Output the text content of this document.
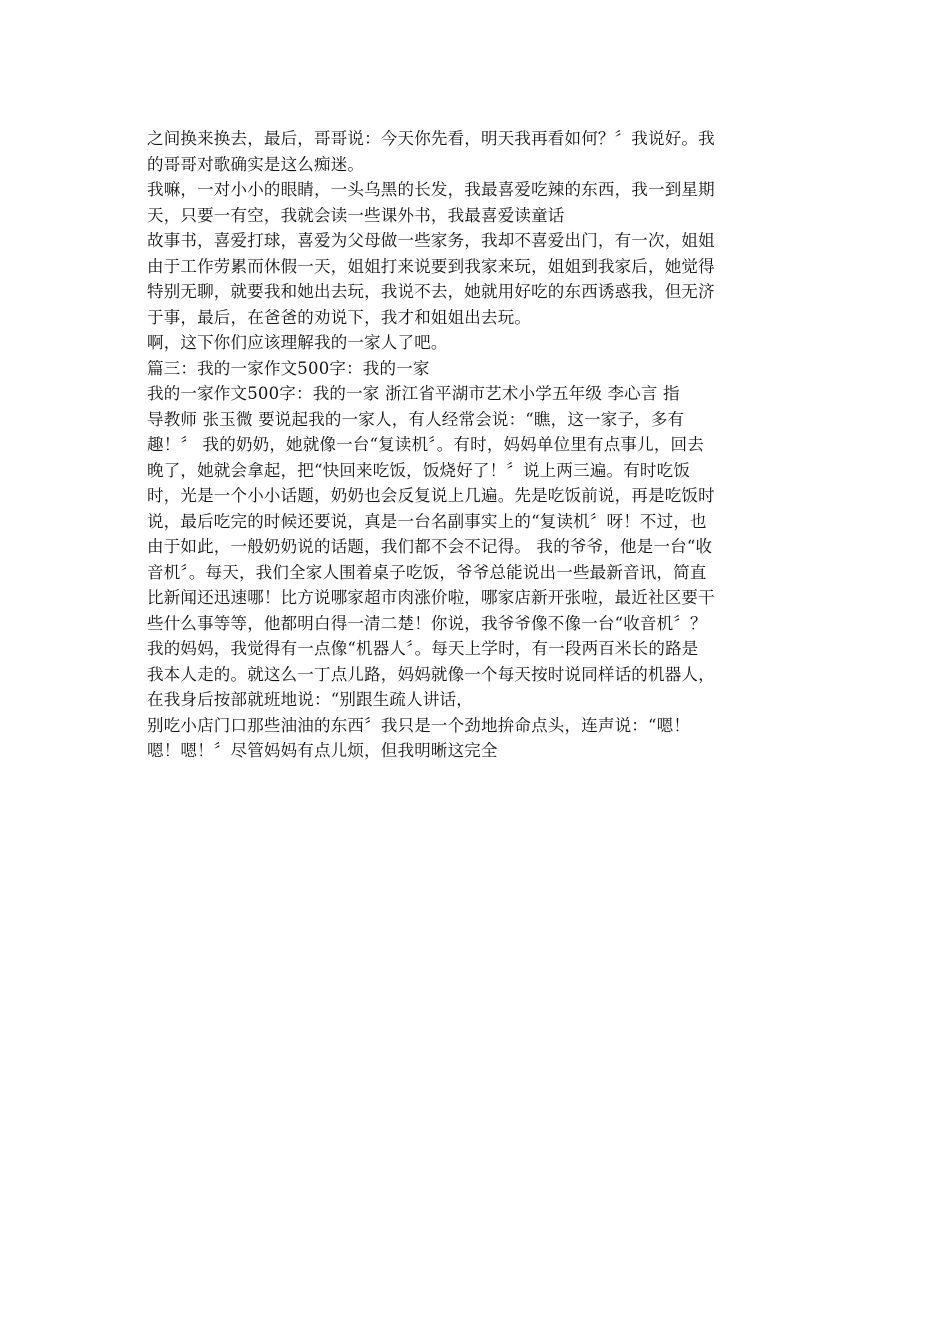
之间换来换去，最后，哥哥说：今天你先看，明天我再看如何？〞我说好。我
的哥哥对歌确实是这么痴迷。
我嘛，一对小小的眼睛，一头乌黑的长发，我最喜爱吃辣的东西，我一到星期
天，只要一有空，我就会读一些课外书，我最喜爱读童话
故事书，喜爱打球，喜爱为父母做一些家务，我却不喜爱出门，有一次，姐姐
由于工作劳累而休假一天，姐姐打来说要到我家来玩，姐姐到我家后，她觉得
特别无聊，就要我和她出去玩，我说不去，她就用好吃的东西诱惑我，但无济
于事，最后，在爸爸的劝说下，我才和姐姐出去玩。
啊，这下你们应该理解我的一家人了吧。
篇三：我的一家作文500字：我的一家
我的一家作文500字：我的一家 浙江省平湖市艺术小学五年级 李心言 指
导教师 张玉微 要说起我的一家人，有人经常会说：“瞧，这一家子，多有
趣！〞 我的奶奶，她就像一台“复读机〞。有时，妈妈单位里有点事儿，回去
晚了，她就会拿起，把“快回来吃饭，饭烧好了！〞说上两三遍。有时吃饭
时，光是一个小小话题，奶奶也会反复说上几遍。先是吃饭前说，再是吃饭时
说，最后吃完的时候还要说，真是一台名副事实上的“复读机〞呀！不过，也
由于如此，一般奶奶说的话题，我们都不会不记得。 我的爷爷，他是一台“收
音机〞。每天，我们全家人围着桌子吃饭，爷爷总能说出一些最新音讯，简直
比新闻还迅速哪！比方说哪家超市肉涨价啦，哪家店新开张啦，最近社区要干
些什么事等等，他都明白得一清二楚！你说，我爷爷像不像一台“收音机〞？
我的妈妈，我觉得有一点像“机器人〞。每天上学时，有一段两百米长的路是
我本人走的。就这么一丁点儿路，妈妈就像一个每天按时说同样话的机器人，
在我身后按部就班地说：“别跟生疏人讲话，
别吃小店门口那些油油的东西〞我只是一个劲地拚命点头，连声说：“嗯！
嗯！嗯！〞尽管妈妈有点儿烦，但我明晰这完全
